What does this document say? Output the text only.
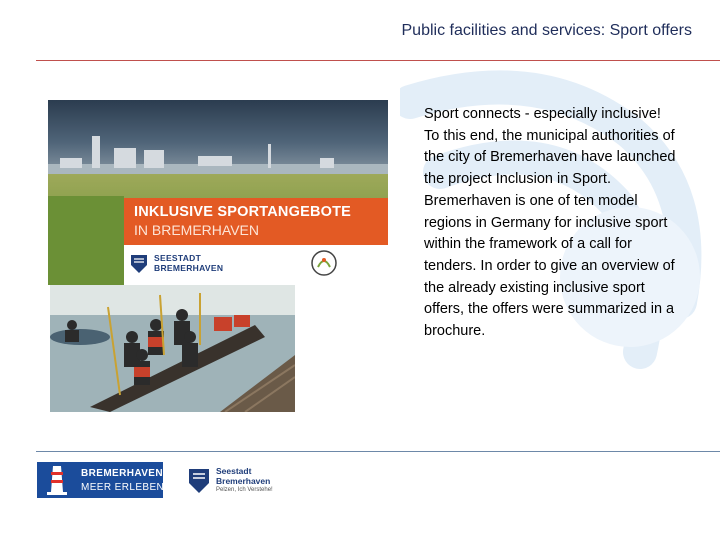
Public facilities and services: Sport offers
INKLUSIVE SPORTANGEBOTE
IN BREMERHAVEN
SEESTADT
BREMERHAVEN

Sport connects - especially inclusive!

To this end, the municipal authorities of the city of Bremerhaven have launched the project Inclusion in Sport. Bremerhaven is one of ten model regions in Germany for inclusive sport within the framework of a call for tenders. In order to give an overview of the already existing inclusive sport offers, the offers were summarized in a brochure.

BREMERHAVEN
MEER ERLEBEN!
Seestadt
Bremerhaven
Pelzen, Ich Verstehe!
